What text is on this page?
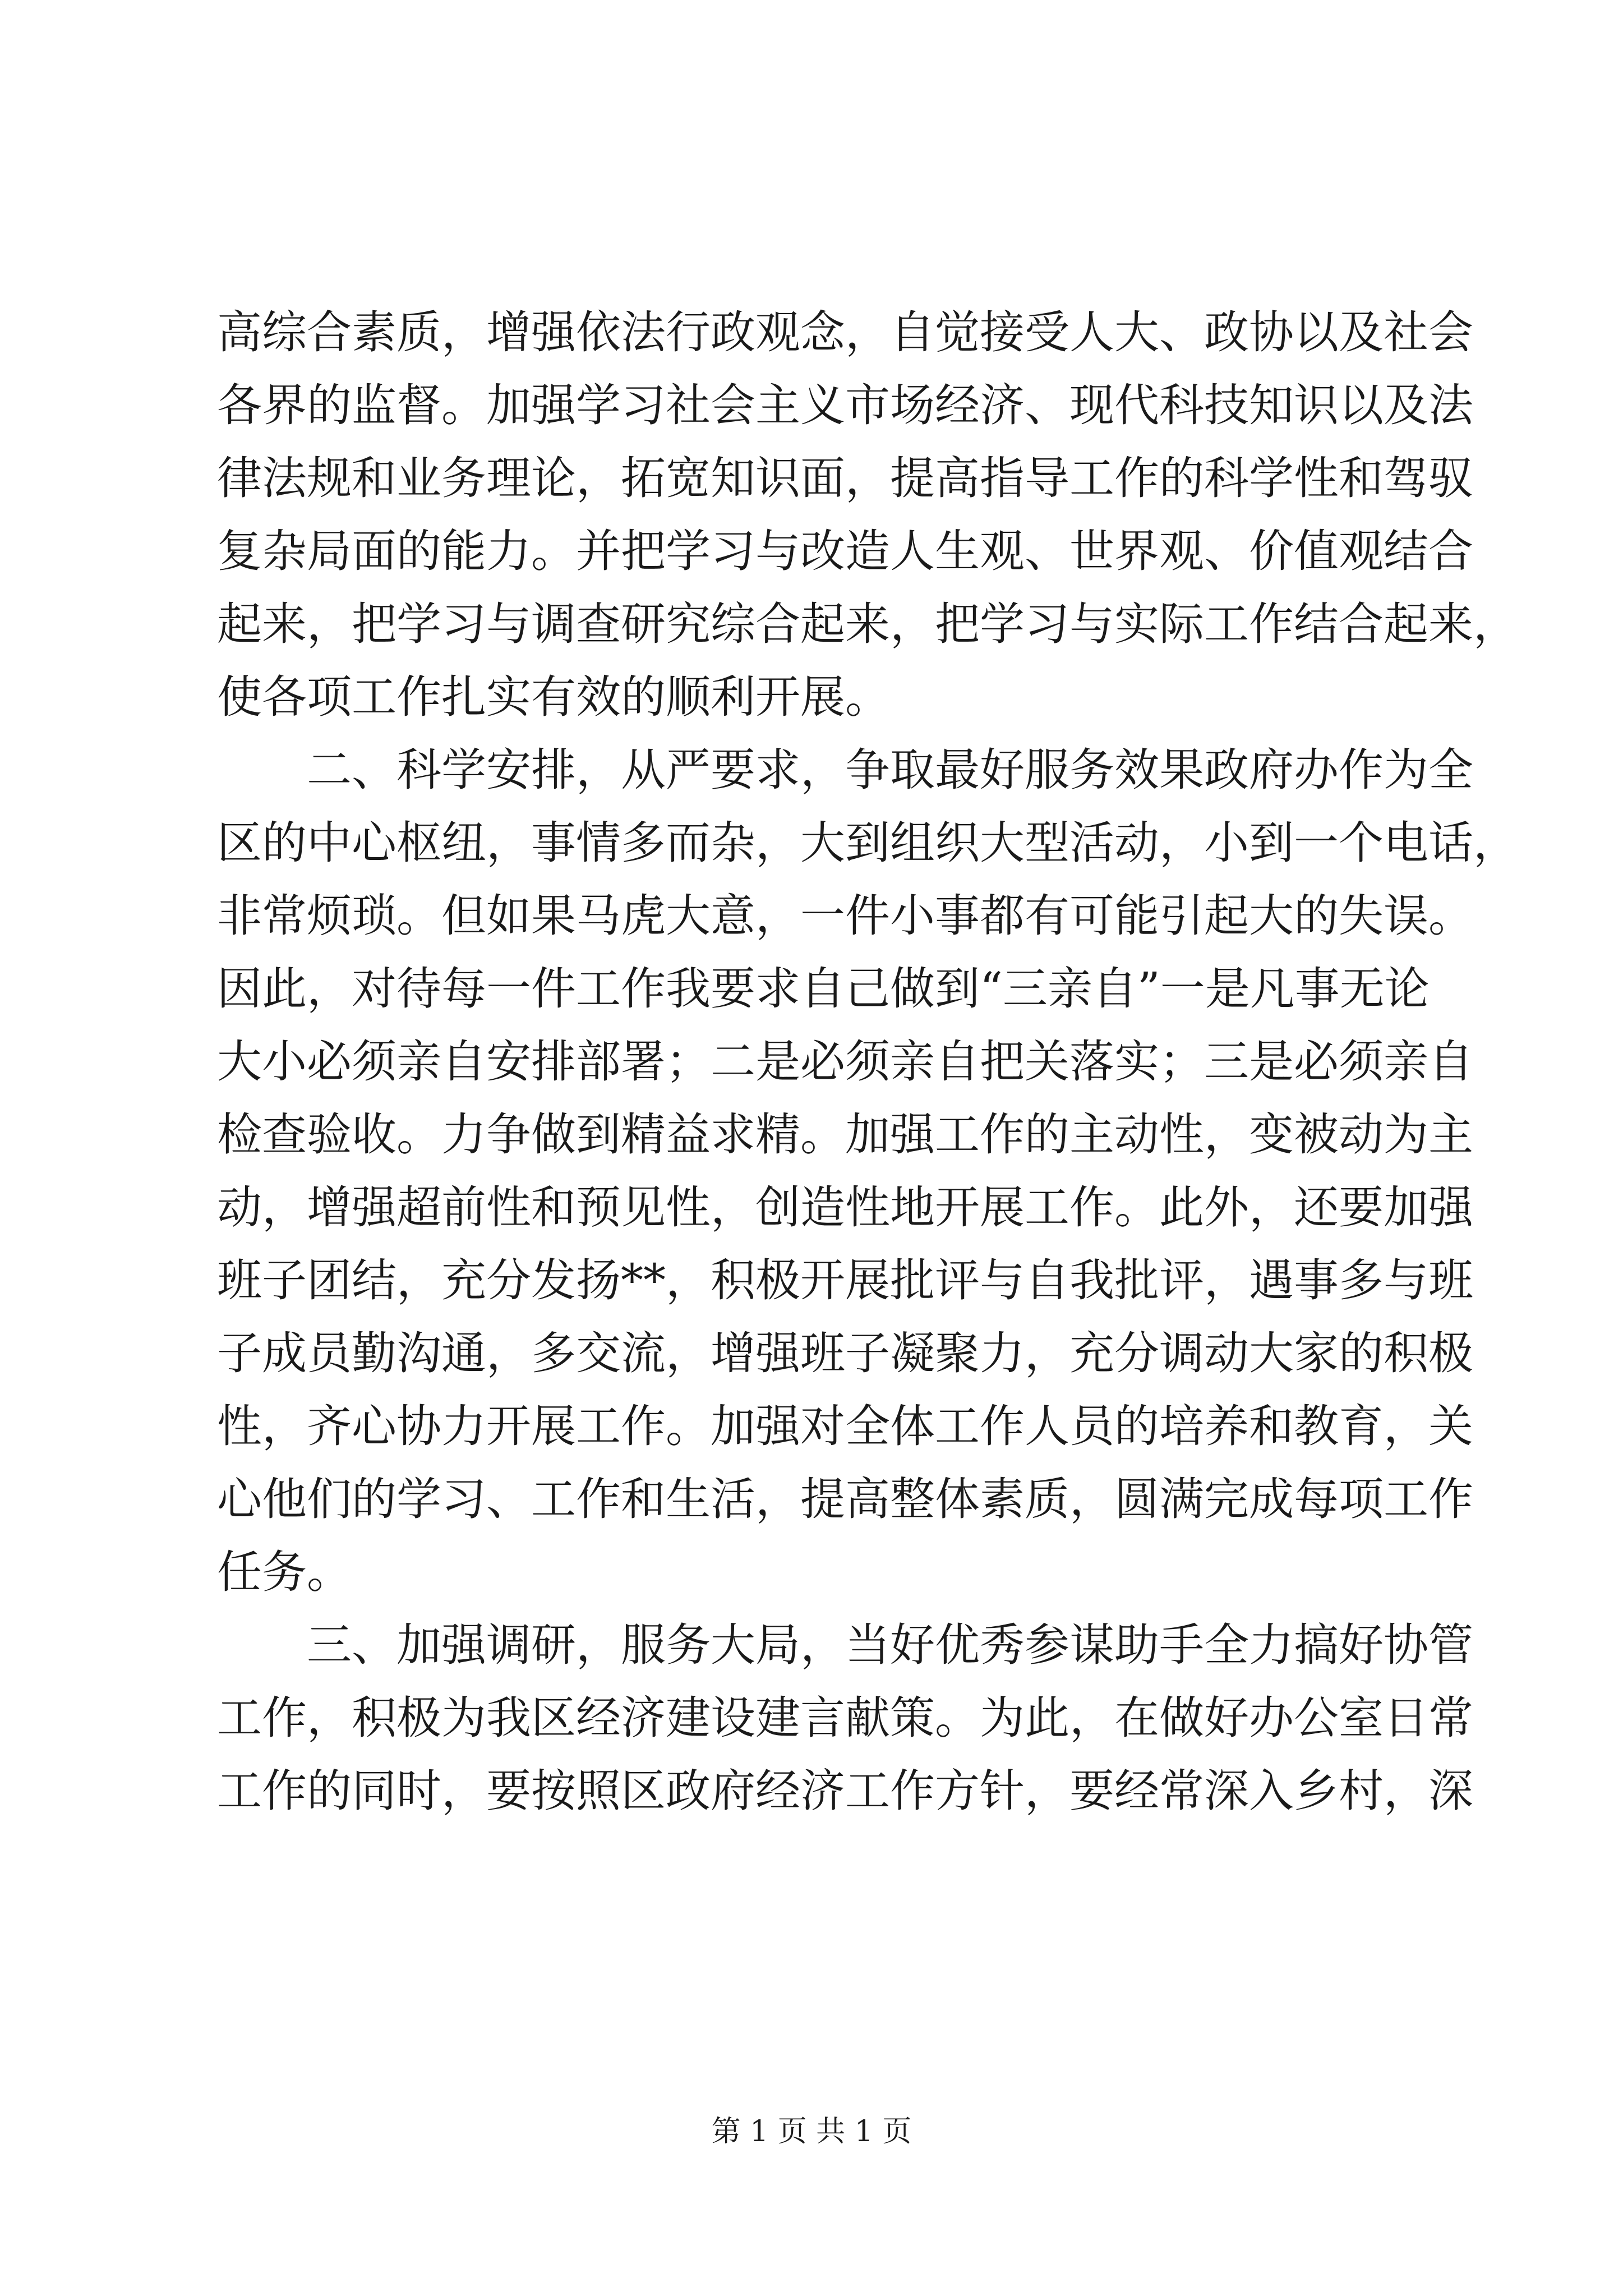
高综合素质，增强依法行政观念，自觉接受人大、政协以及社会
各界的监督。加强学习社会主义市场经济、现代科技知识以及法
律法规和业务理论，拓宽知识面，提高指导工作的科学性和驾驭
复杂局面的能力。并把学习与改造人生观、世界观、价值观结合
起来，把学习与调查研究综合起来，把学习与实际工作结合起来，
使各项工作扎实有效的顺利开展。
二、科学安排，从严要求，争取最好服务效果政府办作为全
区的中心枢纽，事情多而杂，大到组织大型活动，小到一个电话，
非常烦琐。但如果马虎大意，一件小事都有可能引起大的失误。
因此，对待每一件工作我要求自己做到“三亲自”一是凡事无论
大小必须亲自安排部署；二是必须亲自把关落实；三是必须亲自
检查验收。力争做到精益求精。加强工作的主动性，变被动为主
动，增强超前性和预见性，创造性地开展工作。此外，还要加强
班子团结，充分发扬**，积极开展批评与自我批评，遇事多与班
子成员勤沟通，多交流，增强班子凝聚力，充分调动大家的积极
性，齐心协力开展工作。加强对全体工作人员的培养和教育，关
心他们的学习、工作和生活，提高整体素质，圆满完成每项工作
任务。
三、加强调研，服务大局，当好优秀参谋助手全力搞好协管
工作，积极为我区经济建设建言献策。为此，在做好办公室日常
工作的同时，要按照区政府经济工作方针，要经常深入乡村，深
第 1 页 共 1 页
